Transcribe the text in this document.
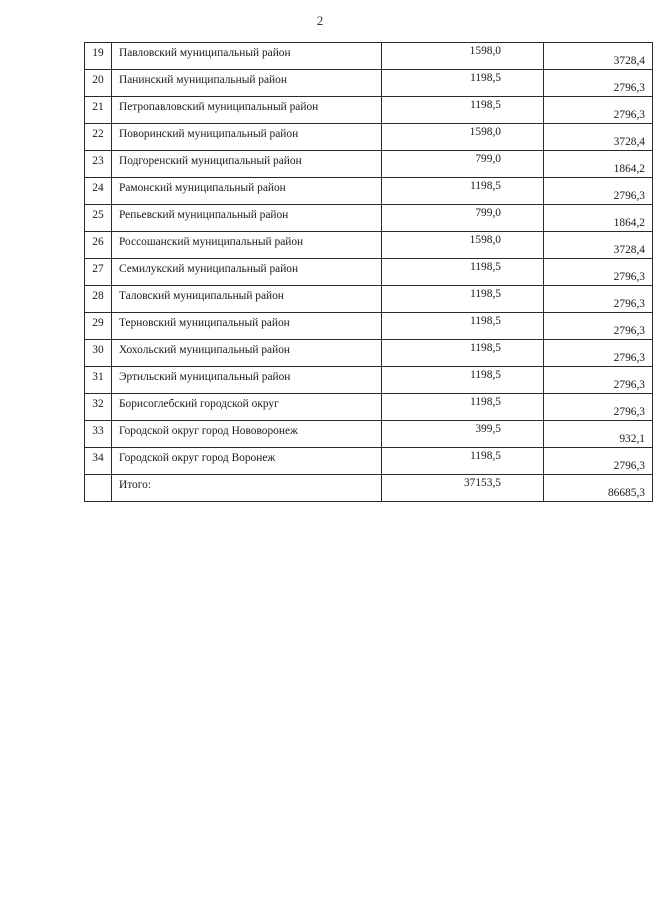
2
19	Павловский муниципальный район	1598,0	3728,4
20	Панинский муниципальный район	1198,5	2796,3
21	Петропавловский муниципальный район	1198,5	2796,3
22	Поворинский муниципальный район	1598,0	3728,4
23	Подгоренский муниципальный район	799,0	1864,2
24	Рамонский муниципальный район	1198,5	2796,3
25	Репьевский муниципальный район	799,0	1864,2
26	Россошанский муниципальный район	1598,0	3728,4
27	Семилукский муниципальный район	1198,5	2796,3
28	Таловский муниципальный район	1198,5	2796,3
29	Терновский муниципальный район	1198,5	2796,3
30	Хохольский муниципальный район	1198,5	2796,3
31	Эртильский муниципальный район	1198,5	2796,3
32	Борисоглебский городской округ	1198,5	2796,3
33	Городской округ город Нововоронеж	399,5	932,1
34	Городской округ город Воронеж	1198,5	2796,3
	Итого:	37153,5	86685,3
